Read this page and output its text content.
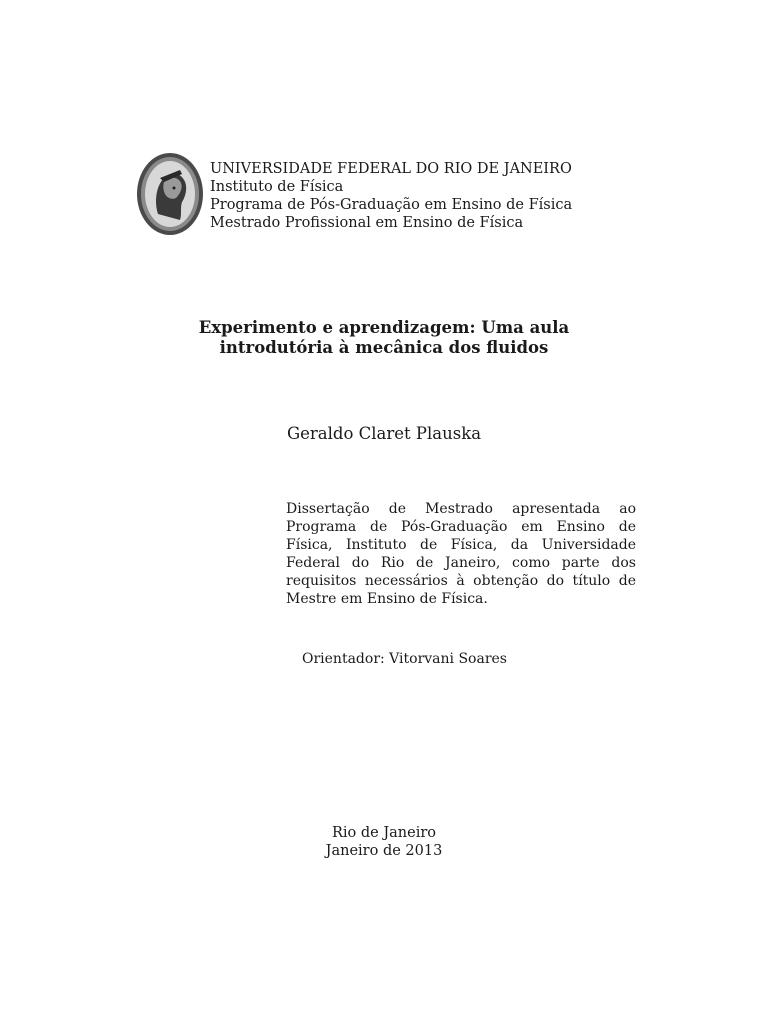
UNIVERSIDADE FEDERAL DO RIO DE JANEIRO
Instituto de Física
Programa de Pós-Graduação em Ensino de Física
Mestrado Profissional em Ensino de Física
Experimento e aprendizagem: Uma aula
introdutória à mecânica dos fluidos
Geraldo Claret Plauska
Dissertação de Mestrado apresentada ao Programa de Pós-Graduação em Ensino de Física, Instituto de Física, da Universidade Federal do Rio de Janeiro, como parte dos requisitos necessários à obtenção do título de Mestre em Ensino de Física.
Orientador: Vitorvani Soares
Rio de Janeiro
Janeiro de 2013
